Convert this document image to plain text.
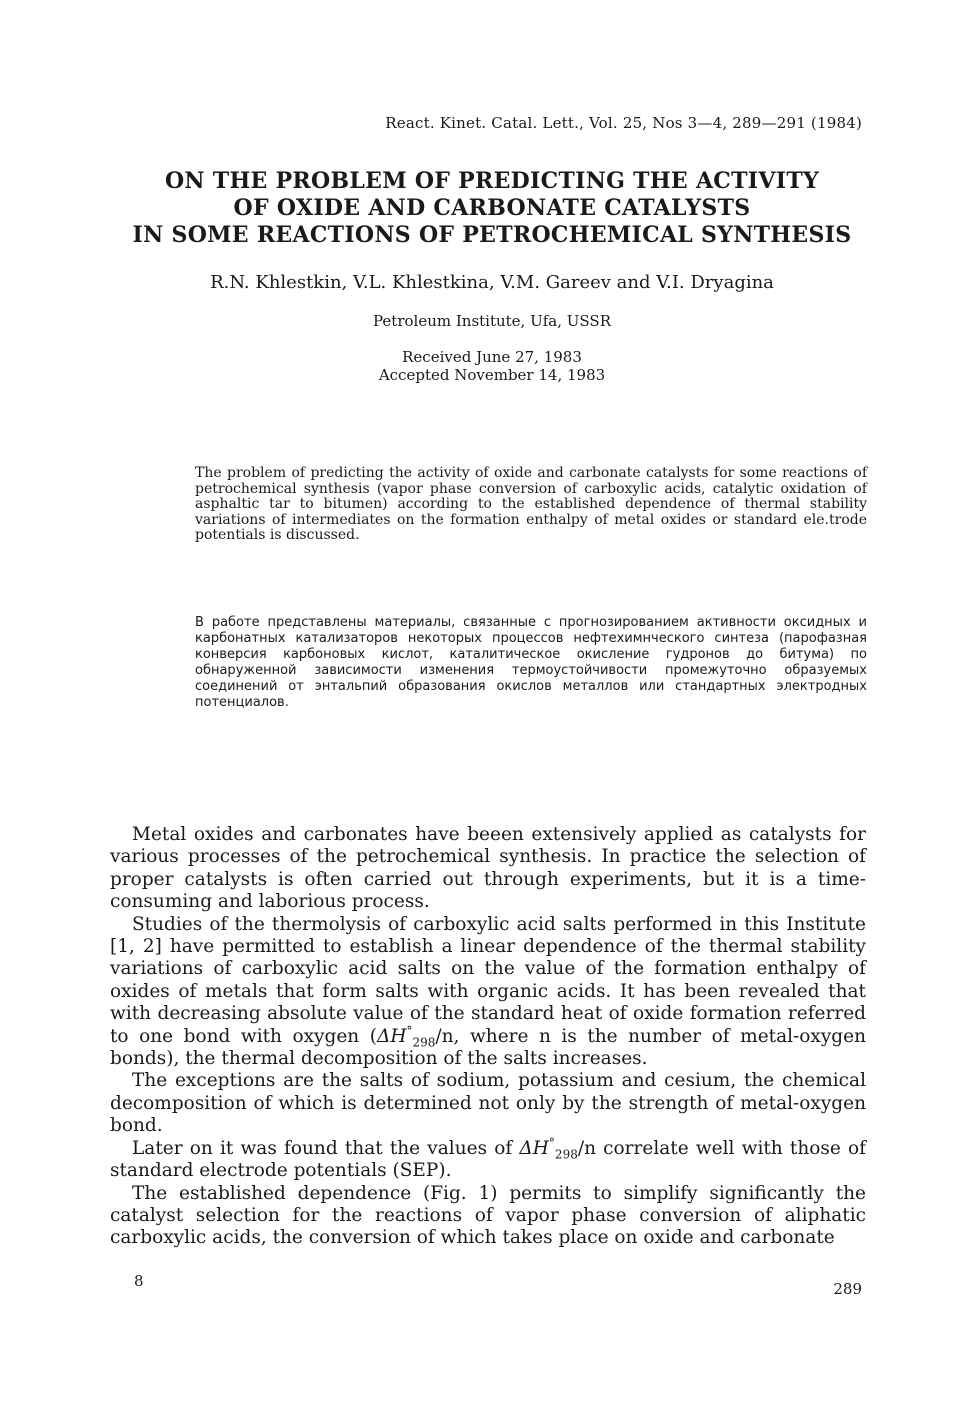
React. Kinet. Catal. Lett., Vol. 25, Nos 3—4, 289—291 (1984)
ON THE PROBLEM OF PREDICTING THE ACTIVITY
OF OXIDE AND CARBONATE CATALYSTS
IN SOME REACTIONS OF PETROCHEMICAL SYNTHESIS
R.N. Khlestkin, V.L. Khlestkina, V.M. Gareev and V.I. Dryagina
Petroleum Institute, Ufa, USSR
Received June 27, 1983
Accepted November 14, 1983

The problem of predicting the activity of oxide and carbonate catalysts for some reactions of petrochemical synthesis (vapor phase conversion of carboxylic acids, catalytic oxidation of asphaltic tar to bitumen) according to the established dependence of thermal stability variations of intermediates on the formation enthalpy of metal oxides or standard ele.trode potentials is discussed.

В работе представлены материалы, связанные с прогнозированием активности оксидных и карбонатных катализаторов некоторых процессов нефтехимнческого синтеза (парофазная конверсия карбоновых кислот, каталитическое окисление гудронов до битума) по обнаруженной зависимости изменения термоустойчивости промежуточно образуемых соединений от энтальпий образования окислов металлов или стандартных электродных потенциалов.

Metal oxides and carbonates have beeen extensively applied as catalysts for various processes of the petrochemical synthesis. In practice the selection of proper catalysts is often carried out through experiments, but it is a time-consuming and laborious process.

Studies of the thermolysis of carboxylic acid salts performed in this Institute [1, 2] have permitted to establish a linear dependence of the thermal stability variations of carboxylic acid salts on the value of the formation enthalpy of oxides of metals that form salts with organic acids. It has been revealed that with decreasing absolute value of the standard heat of oxide formation referred to one bond with oxygen ($\Delta H^\circ_{298}/n$, where n is the number of metal-oxygen bonds), the thermal decomposition of the salts increases.

The exceptions are the salts of sodium, potassium and cesium, the chemical decomposition of which is determined not only by the strength of metal-oxygen bond.

Later on it was found that the values of $\Delta H^\circ_{298}/n$ correlate well with those of standard electrode potentials (SEP).

The established dependence (Fig. 1) permits to simplify significantly the catalyst selection for the reactions of vapor phase conversion of aliphatic carboxylic acids, the conversion of which takes place on oxide and carbonate

8	289
